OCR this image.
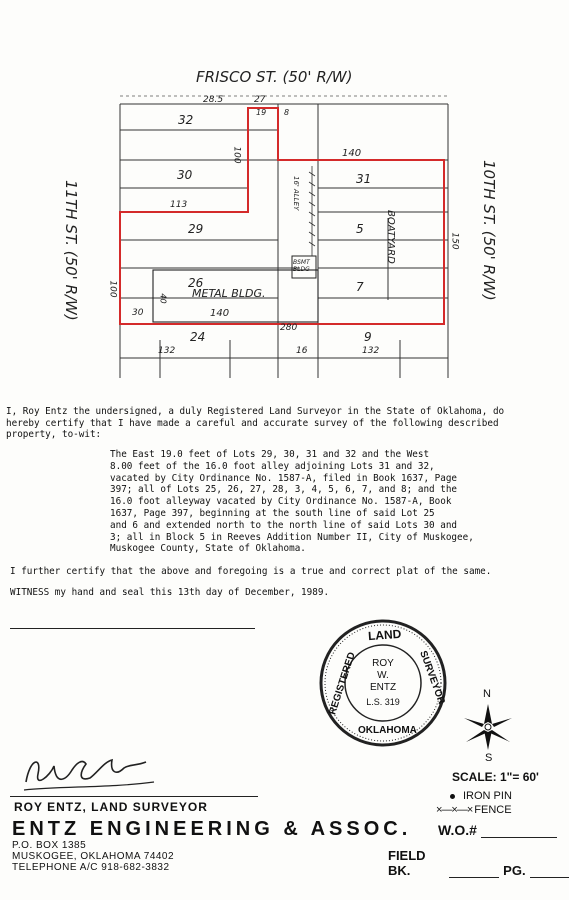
FRISCO ST. (50' R/W)
11TH ST. (50' R/W)	10TH ST. (50' R/W)
32
30
29
26
24
5
7
9
31
28.5	27
140
100
113
150
100
140
30
40
132	16	132
280
19 8
METAL BLDG.
BOATYARD
BSMT BLDG
16' ALLEY
I, Roy Entz the undersigned, a duly Registered Land Surveyor in the State of Oklahoma, do
hereby certify that I have made a careful and accurate survey of the following described
property, to-wit:
The East 19.0 feet of Lots 29, 30, 31 and 32 and the West
8.00 feet of the 16.0 foot alley adjoining Lots 31 and 32,
vacated by City Ordinance No. 1587-A, filed in Book 1637, Page
397; all of Lots 25, 26, 27, 28, 3, 4, 5, 6, 7, and 8; and the
16.0 foot alleyway vacated by City Ordinance No. 1587-A, Book
1637, Page 397, beginning at the south line of said Lot 25
and 6 and extended north to the north line of said Lots 30 and
3; all in Block 5 in Reeves Addition Number II, City of Muskogee,
Muskogee County, State of Oklahoma.
I further certify that the above and foregoing is a true and correct plat of the same.
WITNESS my hand and seal this 13th day of December, 1989.
LAND
REGISTERED	SURVEYOR
OKLAHOMA
ROY
W.
ENTZ
L.S. 319
N
S
ROY ENTZ, LAND SURVEYOR
ENTZ ENGINEERING & ASSOC.
P.O. BOX 1385
MUSKOGEE, OKLAHOMA 74402
TELEPHONE A/C 918-682-3832
SCALE: 1"= 60'
IRON PIN
×—×—× FENCE
W.O.#
FIELD BK.	PG.
